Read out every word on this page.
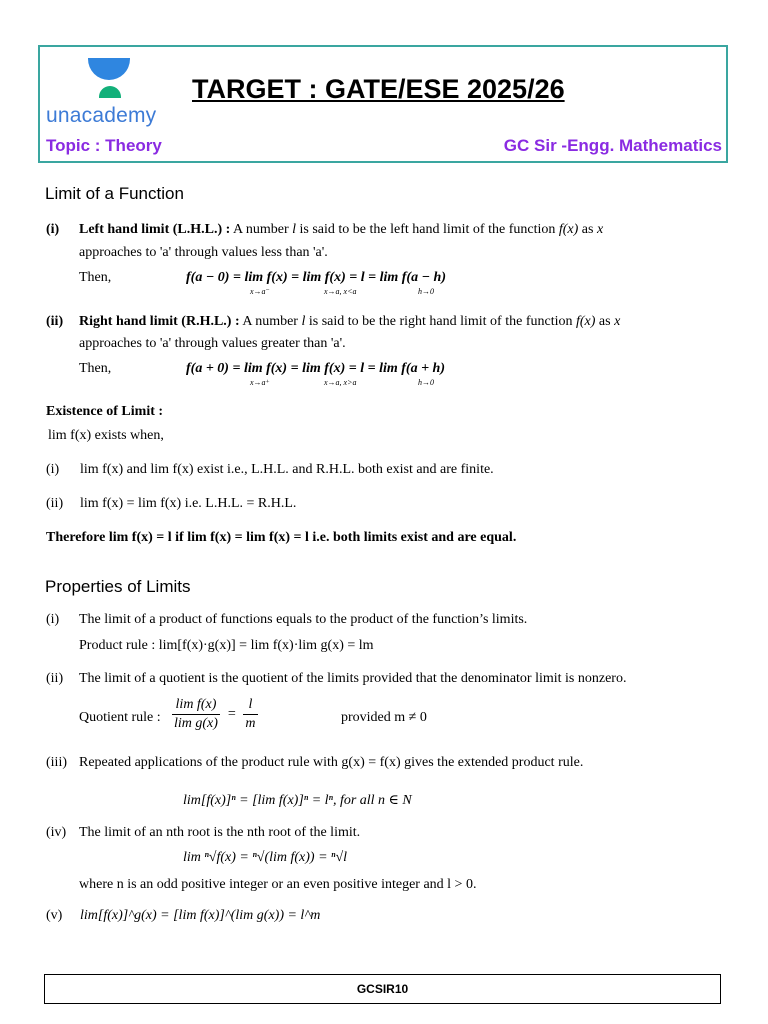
unacademy
TARGET : GATE/ESE 2025/26
Topic : Theory	GC Sir -Engg. Mathematics
Limit of a Function
(i) Left hand limit (L.H.L.) : A number l is said to be the left hand limit of the function f(x) as x
approaches to 'a' through values less than 'a'.
Then,	f(a − 0) = lim f(x) = lim f(x) = l = lim f(a − h)
x→a⁻	x→a, x<a	h→0
(ii) Right hand limit (R.H.L.) : A number l is said to be the right hand limit of the function f(x) as x
approaches to 'a' through values greater than 'a'.
Then,	f(a + 0) = lim f(x) = lim f(x) = l = lim f(a + h)
x→a⁺	x→a, x>a	h→0
Existence of Limit :
lim f(x) exists when,
(i) lim f(x) and lim f(x) exist i.e., L.H.L. and R.H.L. both exist and are finite.
(ii) lim f(x) = lim f(x) i.e. L.H.L. = R.H.L.
Therefore lim f(x) = l if lim f(x) = lim f(x) = l i.e. both limits exist and are equal.
Properties of Limits
(i) The limit of a product of functions equals to the product of the function’s limits.
Product rule : lim[f(x)·g(x)] = lim f(x)·lim g(x) = lm
(ii) The limit of a quotient is the quotient of the limits provided that the denominator limit is nonzero.
Quotient rule : $\frac{\text{lim f(x)}}{\text{lim g(x)}} = \frac{l}{m}$	provided m ≠ 0
(iii) Repeated applications of the product rule with g(x) = f(x) gives the extended product rule.
lim[f(x)]ⁿ = [lim f(x)]ⁿ = lⁿ, for all n ∈ N
(iv) The limit of an nth root is the nth root of the limit.
lim ⁿ√f(x) = ⁿ√(lim f(x)) = ⁿ√l
where n is an odd positive integer or an even positive integer and l > 0.
(v) lim[f(x)]^g(x) = [lim f(x)]^(lim g(x)) = l^m
GCSIR10
